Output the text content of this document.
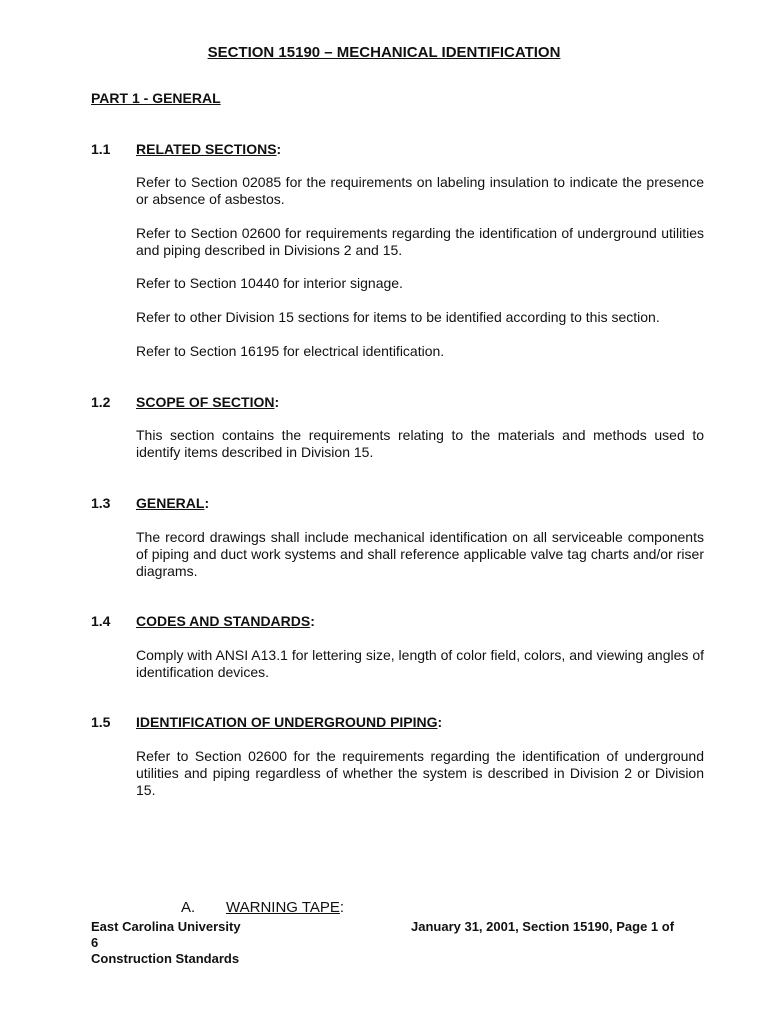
SECTION 15190 – MECHANICAL IDENTIFICATION
PART 1 - GENERAL
1.1 RELATED SECTIONS:
Refer to Section 02085 for the requirements on labeling insulation to indicate the presence or absence of asbestos.
Refer to Section 02600 for requirements regarding the identification of underground utilities and piping described in Divisions 2 and 15.
Refer to Section 10440 for interior signage.
Refer to other Division 15 sections for items to be identified according to this section.
Refer to Section 16195 for electrical identification.
1.2 SCOPE OF SECTION:
This section contains the requirements relating to the materials and methods used to identify items described in Division 15.
1.3 GENERAL:
The record drawings shall include mechanical identification on all serviceable components of piping and duct work systems and shall reference applicable valve tag charts and/or riser diagrams.
1.4 CODES AND STANDARDS:
Comply with ANSI A13.1 for lettering size, length of color field, colors, and viewing angles of identification devices.
1.5 IDENTIFICATION OF UNDERGROUND PIPING:
Refer to Section 02600 for the requirements regarding the identification of underground utilities and piping regardless of whether the system is described in Division 2 or Division 15.
A. WARNING TAPE:
East Carolina University
6
Construction Standards
January 31, 2001, Section 15190, Page 1 of
